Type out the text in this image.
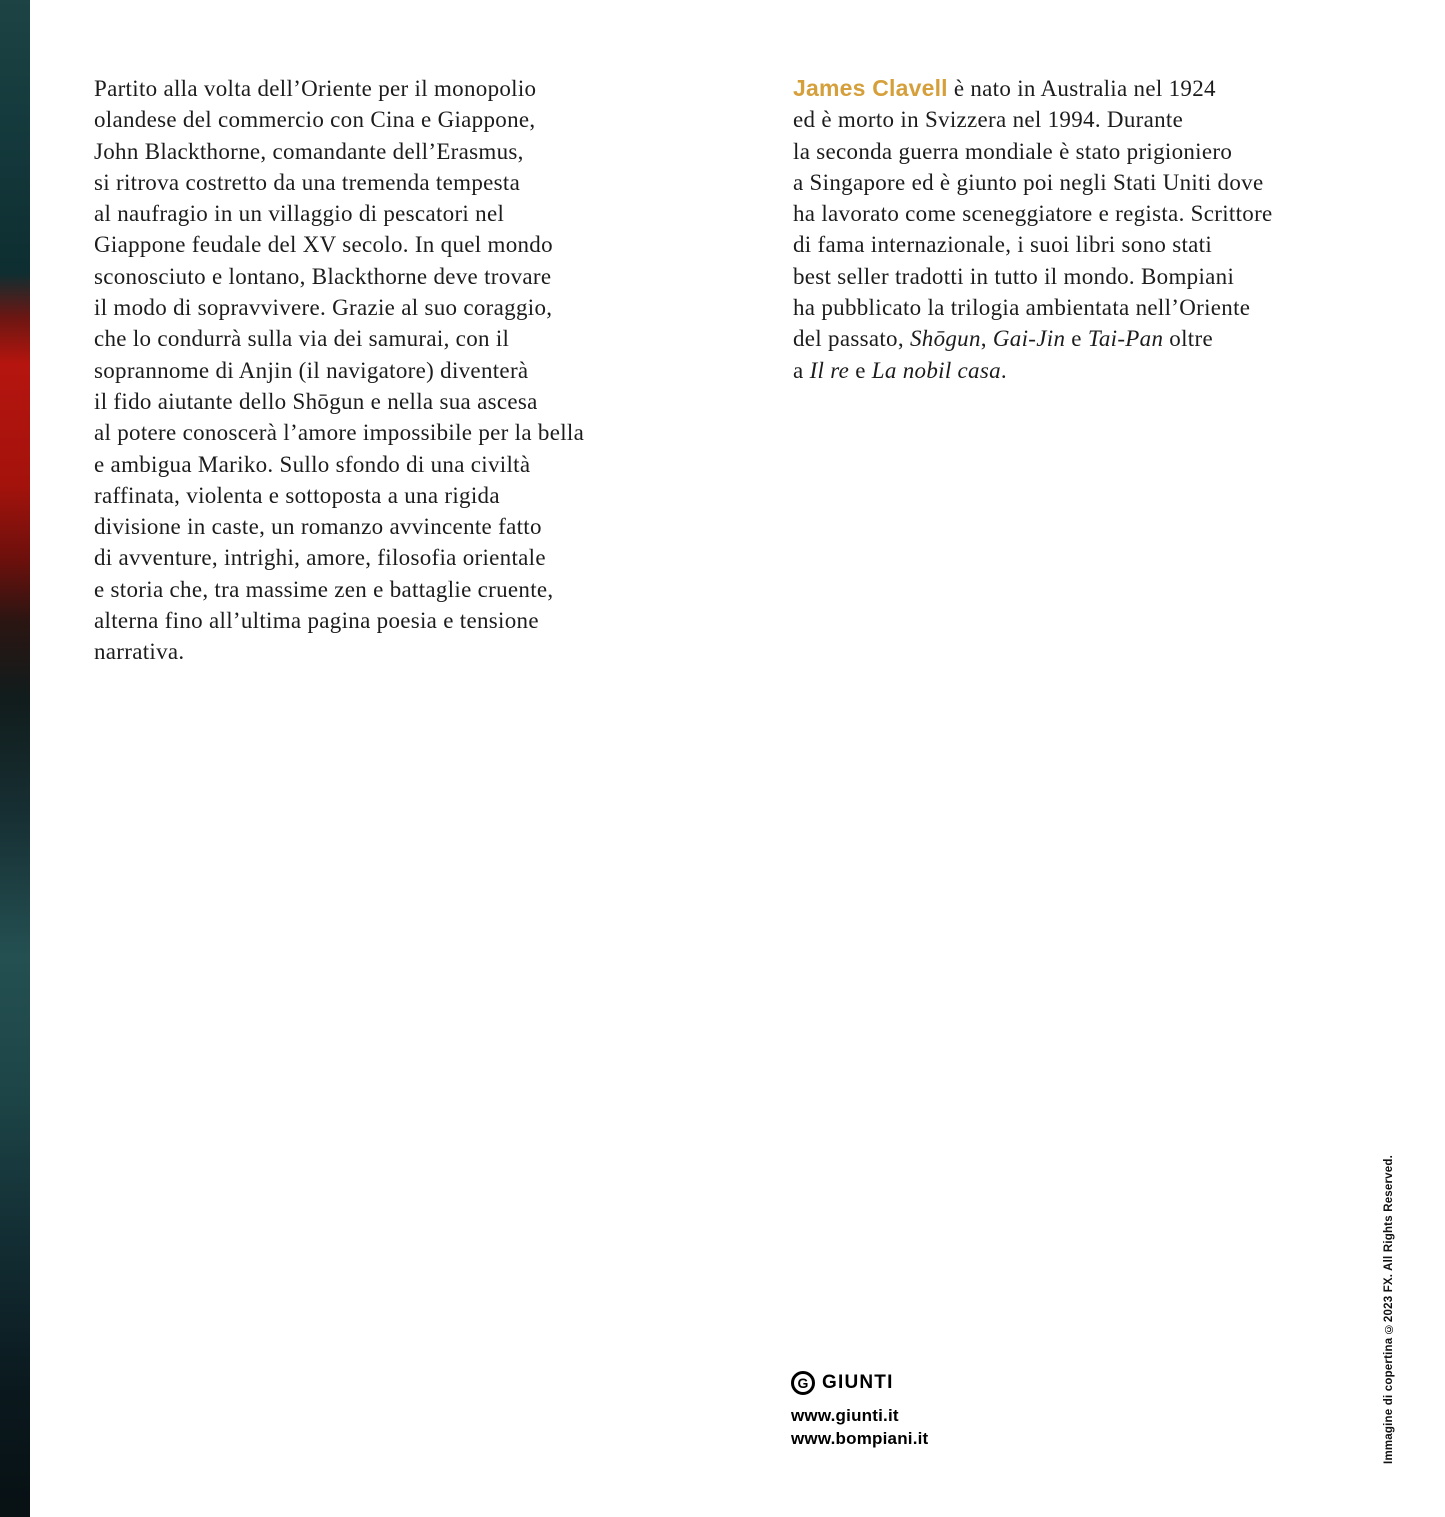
Partito alla volta dell’Oriente per il monopolio
olandese del commercio con Cina e Giappone,
John Blackthorne, comandante dell’Erasmus,
si ritrova costretto da una tremenda tempesta
al naufragio in un villaggio di pescatori nel
Giappone feudale del XV secolo. In quel mondo
sconosciuto e lontano, Blackthorne deve trovare
il modo di sopravvivere. Grazie al suo coraggio,
che lo condurrà sulla via dei samurai, con il
soprannome di Anjin (il navigatore) diventerà
il fido aiutante dello Shōgun e nella sua ascesa
al potere conoscerà l’amore impossibile per la bella
e ambigua Mariko. Sullo sfondo di una civiltà
raffinata, violenta e sottoposta a una rigida
divisione in caste, un romanzo avvincente fatto
di avventure, intrighi, amore, filosofia orientale
e storia che, tra massime zen e battaglie cruente,
alterna fino all’ultima pagina poesia e tensione
narrativa.
James Clavell è nato in Australia nel 1924
ed è morto in Svizzera nel 1994. Durante
la seconda guerra mondiale è stato prigioniero
a Singapore ed è giunto poi negli Stati Uniti dove
ha lavorato come sceneggiatore e regista. Scrittore
di fama internazionale, i suoi libri sono stati
best seller tradotti in tutto il mondo. Bompiani
ha pubblicato la trilogia ambientata nell’Oriente
del passato, Shōgun, Gai-Jin e Tai-Pan oltre
a Il re e La nobil casa.
G GIUNTI
www.giunti.it
www.bompiani.it	Immagine di copertina ©2023 FX. All Rights Reserved.
